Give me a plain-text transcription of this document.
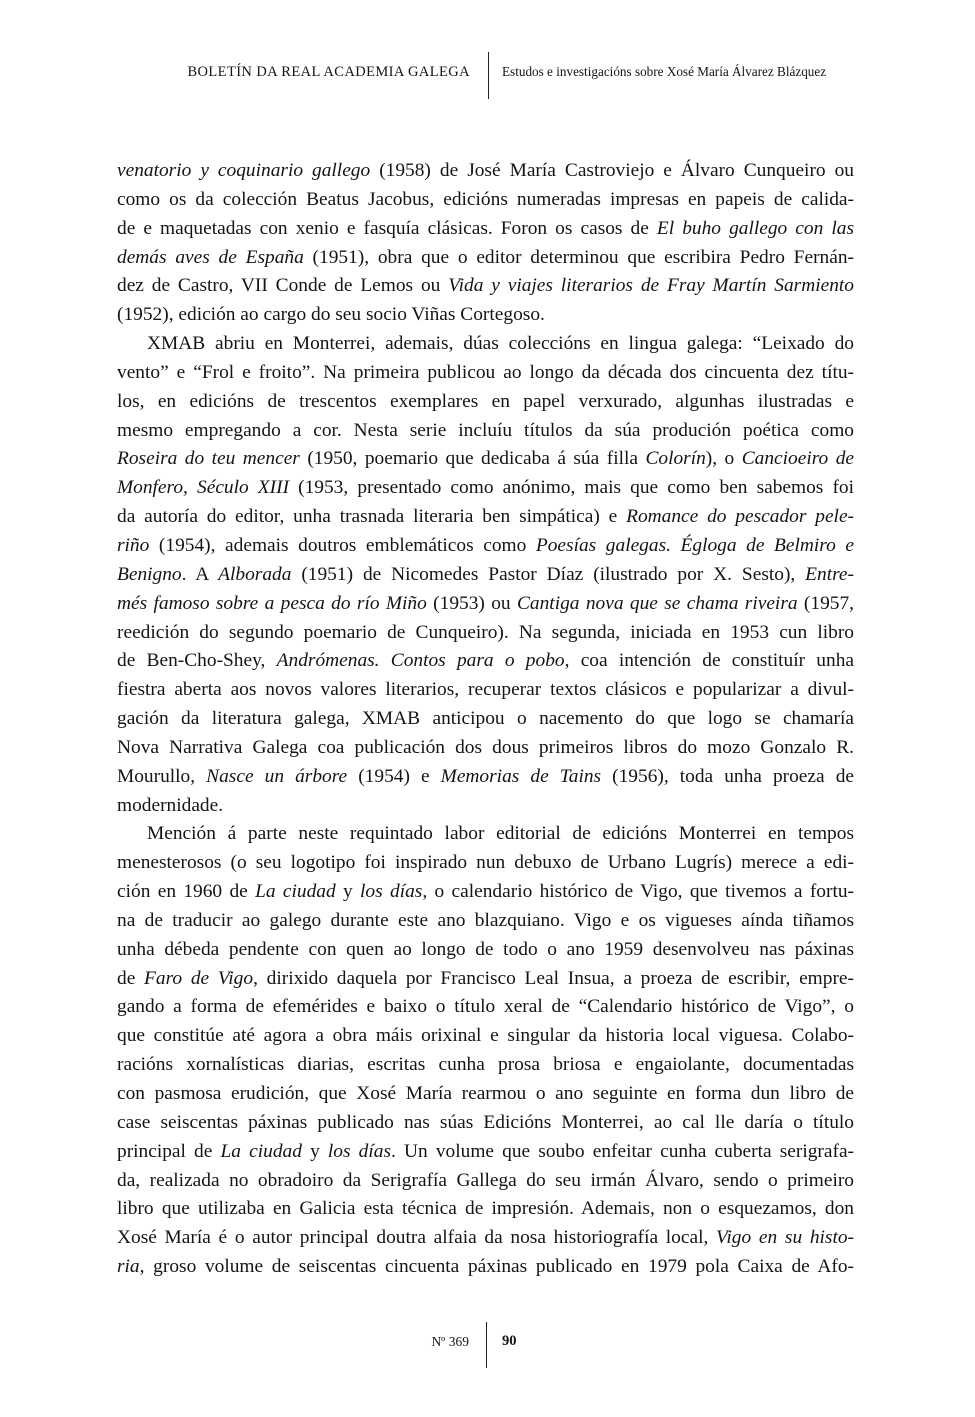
BOLETÍN DA REAL ACADEMIA GALEGA Estudos e investigacións sobre Xosé María Álvarez Blázquez
venatorio y coquinario gallego (1958) de José María Castroviejo e Álvaro Cunqueiro ou
como os da colección Beatus Jacobus, edicións numeradas impresas en papeis de calida-
de e maquetadas con xenio e fasquía clásicas. Foron os casos de El buho gallego con las
demás aves de España (1951), obra que o editor determinou que escribira Pedro Fernán-
dez de Castro, VII Conde de Lemos ou Vida y viajes literarios de Fray Martín Sarmiento
(1952), edición ao cargo do seu socio Viñas Cortegoso.
XMAB abriu en Monterrei, ademais, dúas coleccións en lingua galega: “Leixado do
vento” e “Frol e froito”. Na primeira publicou ao longo da década dos cincuenta dez títu-
los, en edicións de trescentos exemplares en papel verxurado, algunhas ilustradas e
mesmo empregando a cor. Nesta serie incluíu títulos da súa produción poética como
Roseira do teu mencer (1950, poemario que dedicaba á súa filla Colorín), o Cancioeiro de
Monfero, Século XIII (1953, presentado como anónimo, mais que como ben sabemos foi
da autoría do editor, unha trasnada literaria ben simpática) e Romance do pescador pele-
riño (1954), ademais doutros emblemáticos como Poesías galegas. Égloga de Belmiro e
Benigno. A Alborada (1951) de Nicomedes Pastor Díaz (ilustrado por X. Sesto), Entre-
més famoso sobre a pesca do río Miño (1953) ou Cantiga nova que se chama riveira (1957,
reedición do segundo poemario de Cunqueiro). Na segunda, iniciada en 1953 cun libro
de Ben-Cho-Shey, Andrómenas. Contos para o pobo, coa intención de constituír unha
fiestra aberta aos novos valores literarios, recuperar textos clásicos e popularizar a divul-
gación da literatura galega, XMAB anticipou o nacemento do que logo se chamaría
Nova Narrativa Galega coa publicación dos dous primeiros libros do mozo Gonzalo R.
Mourullo, Nasce un árbore (1954) e Memorias de Tains (1956), toda unha proeza de
modernidade.
Mención á parte neste requintado labor editorial de edicións Monterrei en tempos
menesterosos (o seu logotipo foi inspirado nun debuxo de Urbano Lugrís) merece a edi-
ción en 1960 de La ciudad y los días, o calendario histórico de Vigo, que tivemos a fortu-
na de traducir ao galego durante este ano blazquiano. Vigo e os vigueses aínda tiñamos
unha débeda pendente con quen ao longo de todo o ano 1959 desenvolveu nas páxinas
de Faro de Vigo, dirixido daquela por Francisco Leal Insua, a proeza de escribir, empre-
gando a forma de efemérides e baixo o título xeral de “Calendario histórico de Vigo”, o
que constitúe até agora a obra máis orixinal e singular da historia local viguesa. Colabo-
racións xornalísticas diarias, escritas cunha prosa briosa e engaiolante, documentadas
con pasmosa erudición, que Xosé María rearmou o ano seguinte en forma dun libro de
case seiscentas páxinas publicado nas súas Edicións Monterrei, ao cal lle daría o título
principal de La ciudad y los días. Un volume que soubo enfeitar cunha cuberta serigrafa-
da, realizada no obradoiro da Serigrafía Gallega do seu irmán Álvaro, sendo o primeiro
libro que utilizaba en Galicia esta técnica de impresión. Ademais, non o esquezamos, don
Xosé María é o autor principal doutra alfaia da nosa historiografía local, Vigo en su histo-
ria, groso volume de seiscentas cincuenta páxinas publicado en 1979 pola Caixa de Afo-
Nº 369 90
